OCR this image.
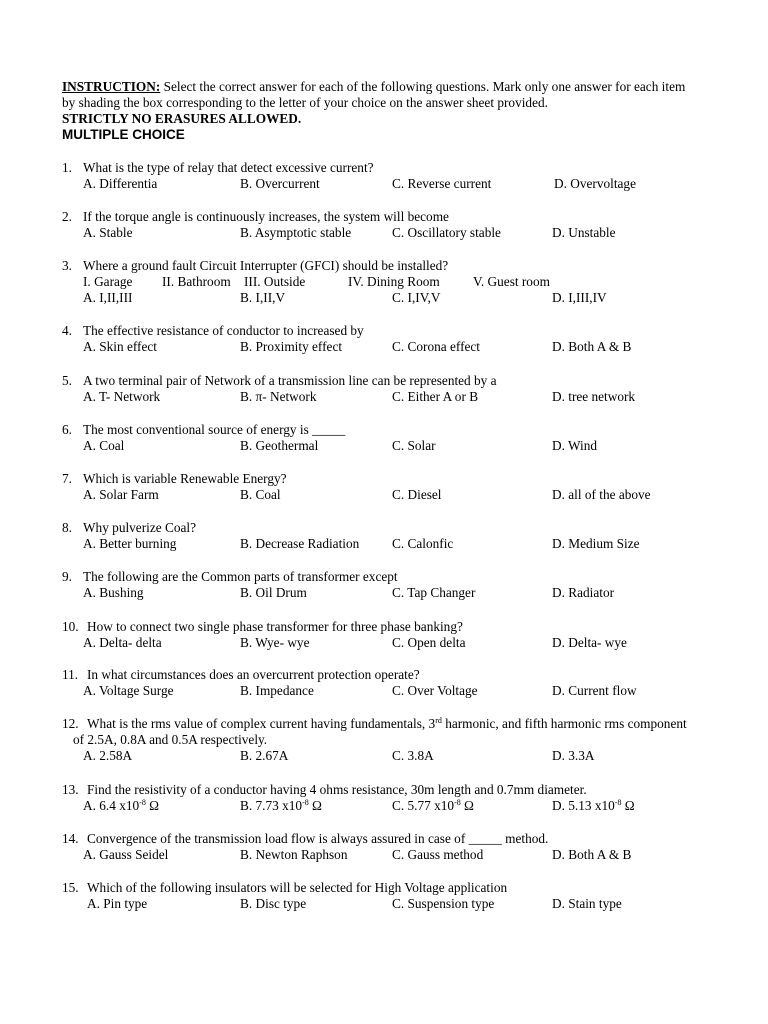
INSTRUCTION: Select the correct answer for each of the following questions. Mark only one answer for each item
by shading the box corresponding to the letter of your choice on the answer sheet provided.
STRICTLY NO ERASURES ALLOWED.
MULTIPLE CHOICE
1. What is the type of relay that detect excessive current?
A. Differentia	B. Overcurrent	C. Reverse current	D. Overvoltage
2. If the torque angle is continuously increases, the system will become
A. Stable	B. Asymptotic stable	C. Oscillatory stable	D. Unstable
3. Where a ground fault Circuit Interrupter (GFCI) should be installed?
I. Garage II. Bathroom III. Outside	IV. Dining Room	V. Guest room
A. I,II,III	B. I,II,V	C. I,IV,V	D. I,III,IV
4. The effective resistance of conductor to increased by
A. Skin effect	B. Proximity effect	C. Corona effect	D. Both A & B
5. A two terminal pair of Network of a transmission line can be represented by a
A. T- Network	B. π- Network	C. Either A or B	D. tree network
6. The most conventional source of energy is _____
A. Coal	B. Geothermal	C. Solar	D. Wind
7. Which is variable Renewable Energy?
A. Solar Farm	B. Coal	C. Diesel	D. all of the above
8. Why pulverize Coal?
A. Better burning	B. Decrease Radiation C. Calonfic	D. Medium Size
9. The following are the Common parts of transformer except
A. Bushing	B. Oil Drum	C. Tap Changer	D. Radiator
10. How to connect two single phase transformer for three phase banking?
A. Delta- delta	B. Wye- wye	C. Open delta	D. Delta- wye
11. In what circumstances does an overcurrent protection operate?
A. Voltage Surge	B. Impedance	C. Over Voltage	D. Current flow
12. What is the rms value of complex current having fundamentals, 3rd harmonic, and fifth harmonic rms component
of 2.5A, 0.8A and 0.5A respectively.
A. 2.58A	B. 2.67A	C. 3.8A	D. 3.3A
13. Find the resistivity of a conductor having 4 ohms resistance, 30m length and 0.7mm diameter.
A. 6.4 $x10^{-8}$ Ω	B. 7.73 $x10^{-8}$ Ω	C. 5.77 $x10^{-8}$ Ω	D. 5.13 $x10^{-8}$ Ω
14. Convergence of the transmission load flow is always assured in case of _____ method.
A. Gauss Seidel	B. Newton Raphson	C. Gauss method	D. Both A & B
15. Which of the following insulators will be selected for High Voltage application
A. Pin type	B. Disc type	C. Suspension type	D. Stain type
